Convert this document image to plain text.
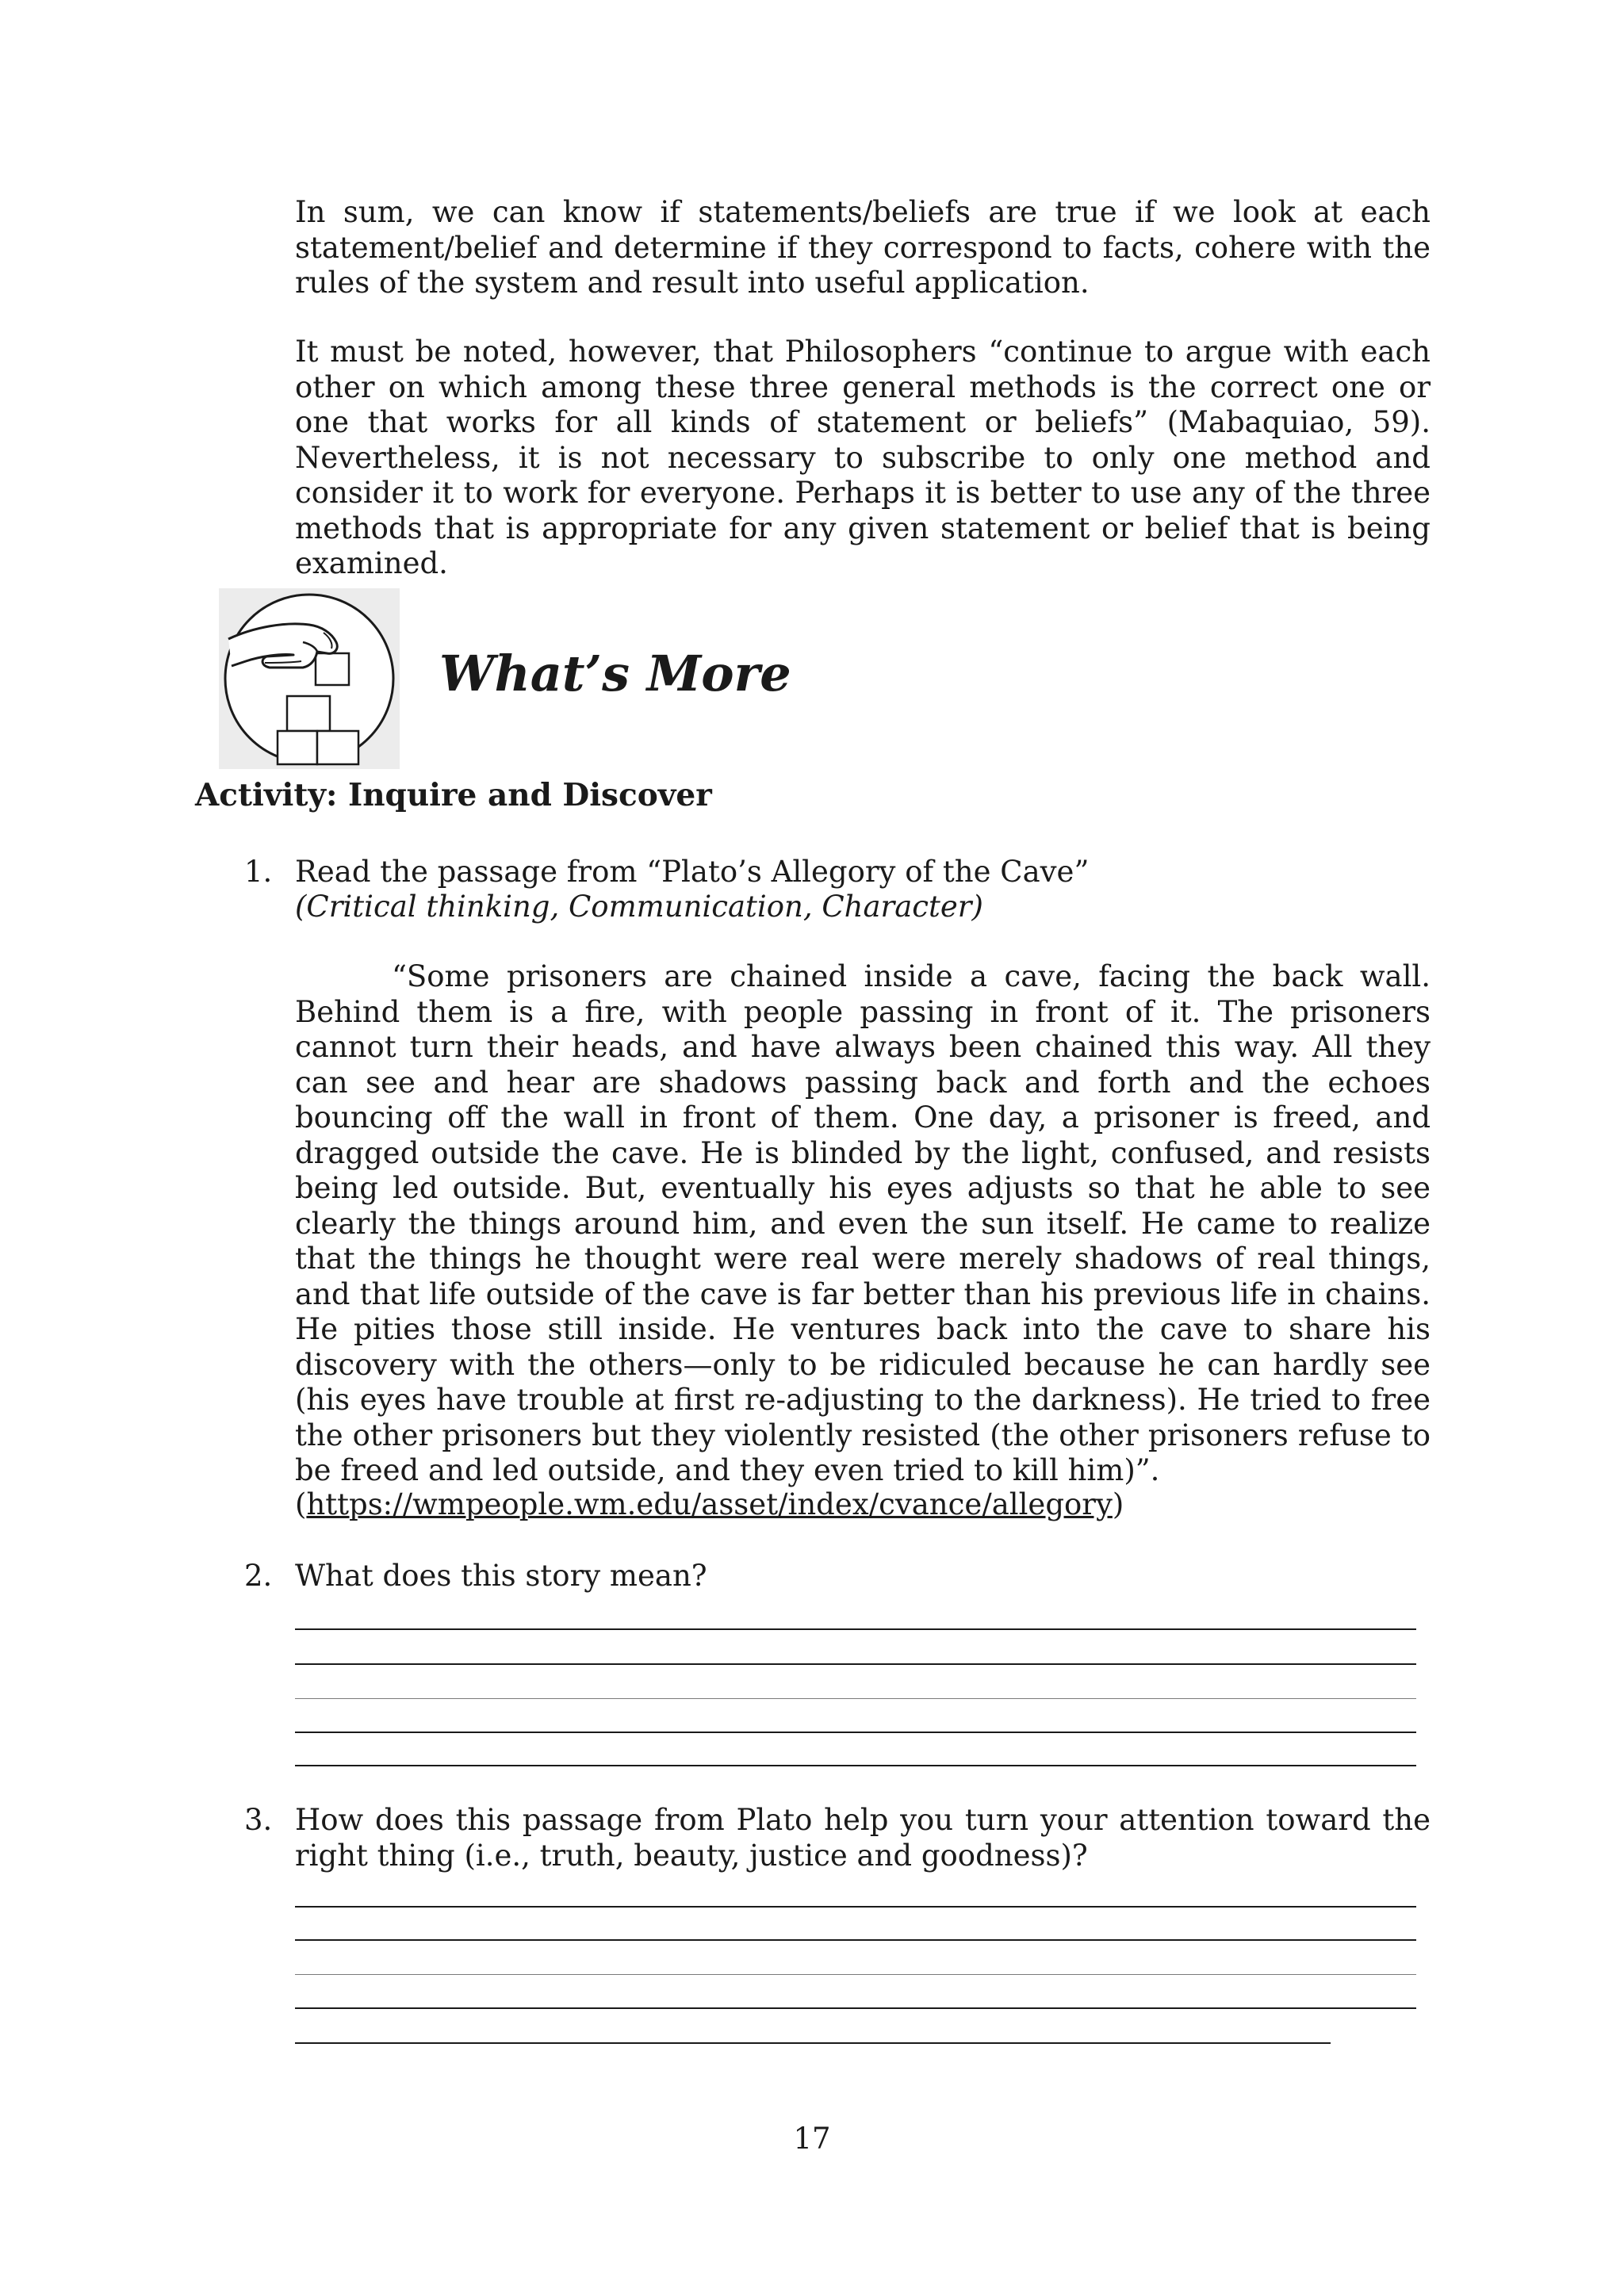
In sum, we can know if statements/beliefs are true if we look at each statement/belief and determine if they correspond to facts, cohere with the rules of the system and result into useful application.

It must be noted, however, that Philosophers “continue to argue with each other on which among these three general methods is the correct one or one that works for all kinds of statement or beliefs” (Mabaquiao, 59). Nevertheless, it is not necessary to subscribe to only one method and consider it to work for everyone. Perhaps it is better to use any of the three methods that is appropriate for any given statement or belief that is being examined.

What’s More
Activity: Inquire and Discover
1. Read the passage from “Plato’s Allegory of the Cave”

(Critical thinking, Communication, Character)

“Some prisoners are chained inside a cave, facing the back wall. Behind them is a fire, with people passing in front of it. The prisoners cannot turn their heads, and have always been chained this way. All they can see and hear are shadows passing back and forth and the echoes bouncing off the wall in front of them. One day, a prisoner is freed, and dragged outside the cave. He is blinded by the light, confused, and resists being led outside. But, eventually his eyes adjusts so that he able to see clearly the things around him, and even the sun itself. He came to realize that the things he thought were real were merely shadows of real things, and that life outside of the cave is far better than his previous life in chains. He pities those still inside. He ventures back into the cave to share his discovery with the others—only to be ridiculed because he can hardly see (his eyes have trouble at first re-adjusting to the darkness). He tried to free the other prisoners but they violently resisted (the other prisoners refuse to be freed and led outside, and they even tried to kill him)”.

(https://wmpeople.wm.edu/asset/index/cvance/allegory)
2. What does this story mean?

3. How does this passage from Plato help you turn your attention toward the right thing (i.e., truth, beauty, justice and goodness)?

17
